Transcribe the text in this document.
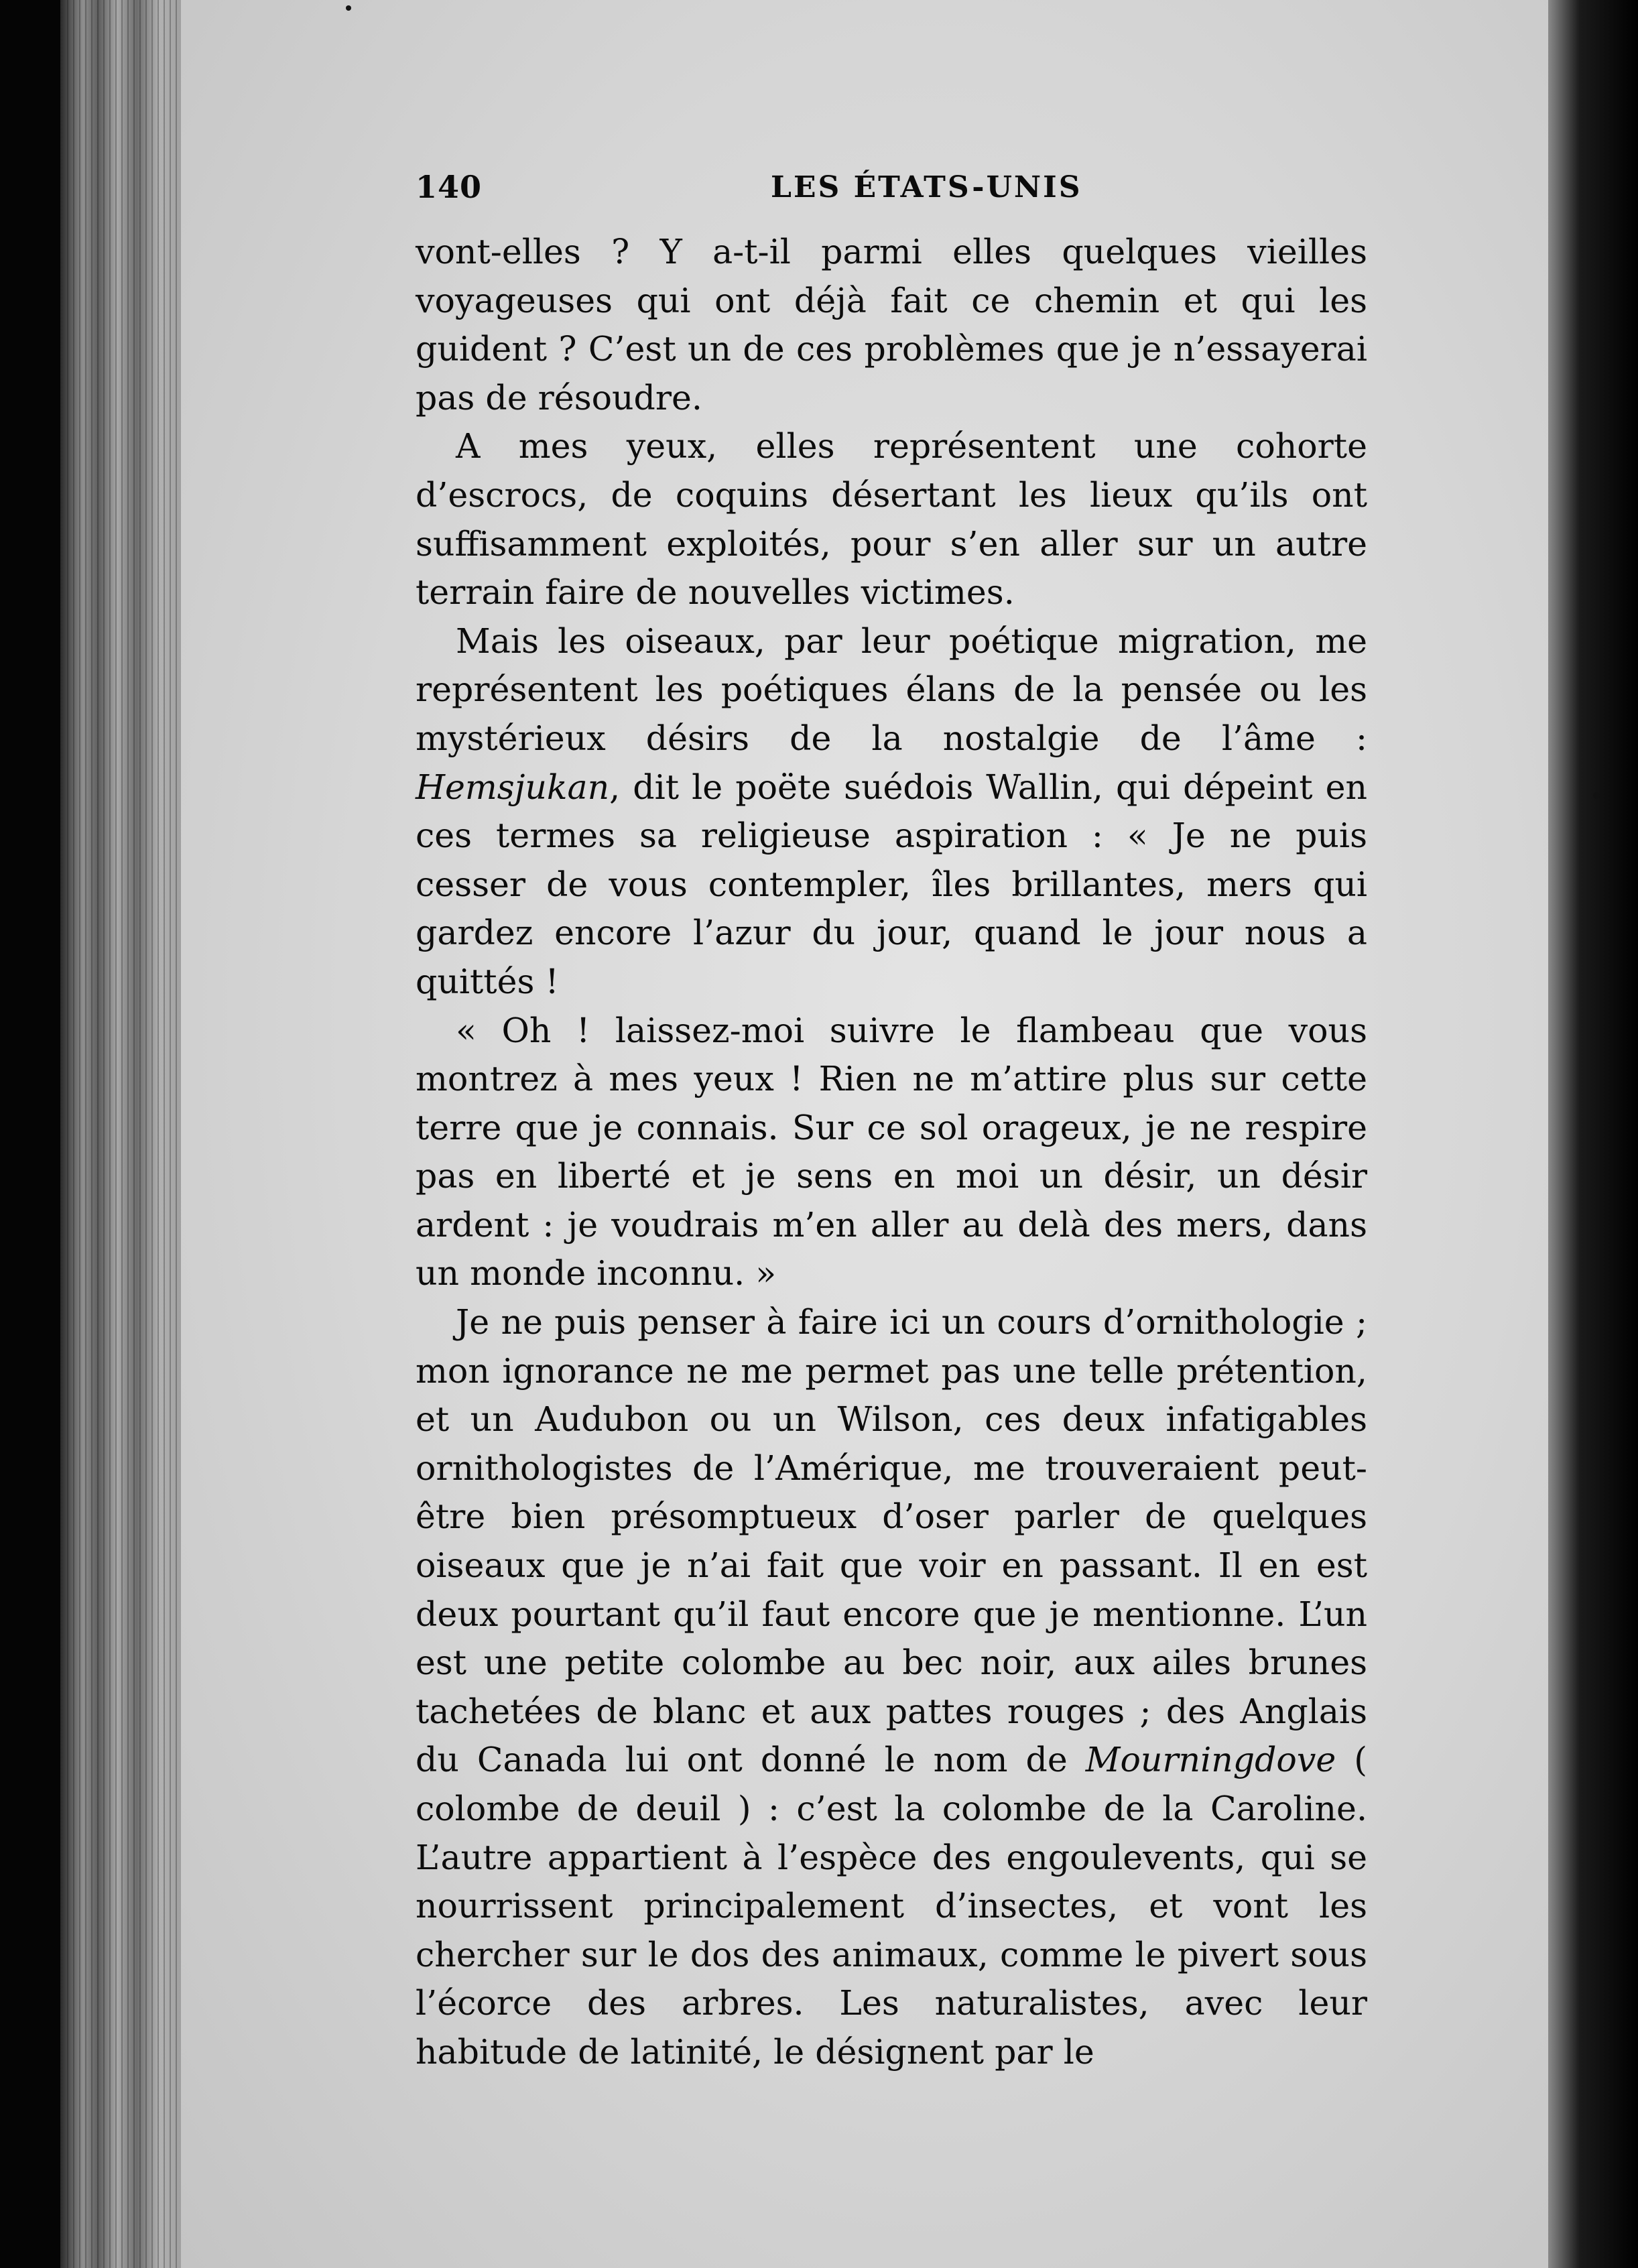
140	LES ÉTATS-UNIS

vont-elles ? Y a-t-il parmi elles quelques vieilles voyageuses qui ont déjà fait ce chemin et qui les guident ? C’est un de ces problèmes que je n’essayerai pas de résoudre.

A mes yeux, elles représentent une cohorte d’escrocs, de coquins désertant les lieux qu’ils ont suffisamment exploités, pour s’en aller sur un autre terrain faire de nouvelles victimes.

Mais les oiseaux, par leur poétique migration, me représentent les poétiques élans de la pensée ou les mystérieux désirs de la nostalgie de l’âme : Hemsjukan, dit le poëte suédois Wallin, qui dépeint en ces termes sa religieuse aspiration : « Je ne puis cesser de vous contempler, îles brillantes, mers qui gardez encore l’azur du jour, quand le jour nous a quittés !

« Oh ! laissez-moi suivre le flambeau que vous montrez à mes yeux ! Rien ne m’attire plus sur cette terre que je connais. Sur ce sol orageux, je ne respire pas en liberté et je sens en moi un désir, un désir ardent : je voudrais m’en aller au delà des mers, dans un monde inconnu. »

Je ne puis penser à faire ici un cours d’ornithologie ; mon ignorance ne me permet pas une telle prétention, et un Audubon ou un Wilson, ces deux infatigables ornithologistes de l’Amérique, me trouveraient peut-être bien présomptueux d’oser parler de quelques oiseaux que je n’ai fait que voir en passant. Il en est deux pourtant qu’il faut encore que je mentionne. L’un est une petite colombe au bec noir, aux ailes brunes tachetées de blanc et aux pattes rouges ; des Anglais du Canada lui ont donné le nom de Mourningdove ( colombe de deuil ) : c’est la colombe de la Caroline. L’autre appartient à l’espèce des engoulevents, qui se nourrissent principalement d’insectes, et vont les chercher sur le dos des animaux, comme le pivert sous l’écorce des arbres. Les naturalistes, avec leur habitude de latinité, le désignent par le
